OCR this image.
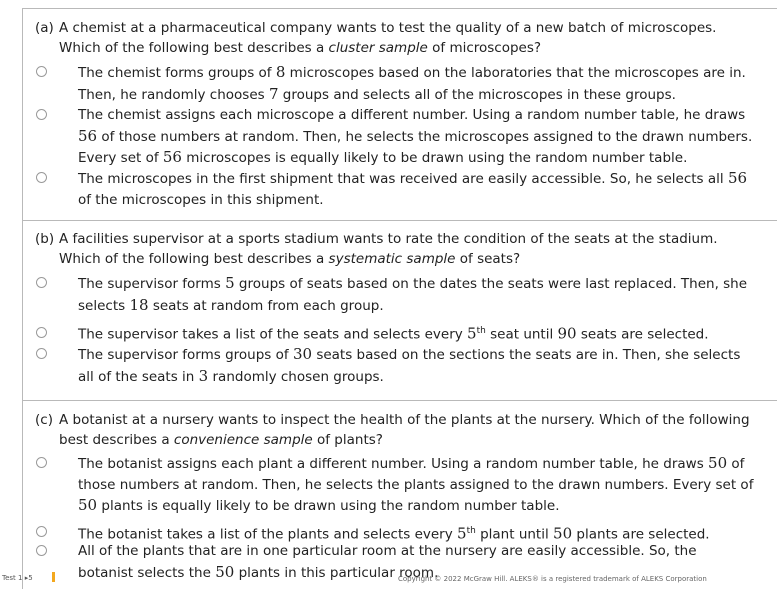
(a) A chemist at a pharmaceutical company wants to test the quality of a new batch of microscopes. Which of the following best describes a cluster sample of microscopes?
The chemist forms groups of 8 microscopes based on the laboratories that the microscopes are in. Then, he randomly chooses 7 groups and selects all of the microscopes in these groups.
The chemist assigns each microscope a different number. Using a random number table, he draws 56 of those numbers at random. Then, he selects the microscopes assigned to the drawn numbers. Every set of 56 microscopes is equally likely to be drawn using the random number table.
The microscopes in the first shipment that was received are easily accessible. So, he selects all 56 of the microscopes in this shipment.
(b) A facilities supervisor at a sports stadium wants to rate the condition of the seats at the stadium. Which of the following best describes a systematic sample of seats?
The supervisor forms 5 groups of seats based on the dates the seats were last replaced. Then, she selects 18 seats at random from each group.
The supervisor takes a list of the seats and selects every 5th seat until 90 seats are selected.
The supervisor forms groups of 30 seats based on the sections the seats are in. Then, she selects all of the seats in 3 randomly chosen groups.
(c) A botanist at a nursery wants to inspect the health of the plants at the nursery. Which of the following best describes a convenience sample of plants?
The botanist assigns each plant a different number. Using a random number table, he draws 50 of those numbers at random. Then, he selects the plants assigned to the drawn numbers. Every set of 50 plants is equally likely to be drawn using the random number table.
The botanist takes a list of the plants and selects every 5th plant until 50 plants are selected.
All of the plants that are in one particular room at the nursery are easily accessible. So, the botanist selects the 50 plants in this particular room.
Test 1 ▸5	Copyright © 2022 McGraw Hill. ALEKS® is a registered trademark of ALEKS Corporation
